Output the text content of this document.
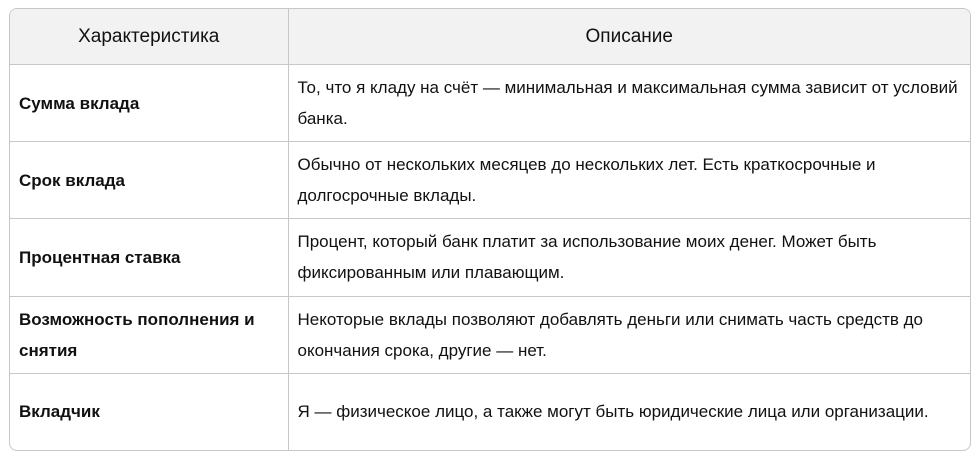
Характеристика	Описание
Сумма вклада	То, что я кладу на счёт — минимальная и максимальная сумма зависит от условий банка.
Срок вклада	Обычно от нескольких месяцев до нескольких лет. Есть краткосрочные и долгосрочные вклады.
Процентная ставка	Процент, который банк платит за использование моих денег. Может быть фиксированным или плавающим.
Возможность пополнения и снятия	Некоторые вклады позволяют добавлять деньги или снимать часть средств до окончания срока, другие — нет.
Вкладчик	Я — физическое лицо, а также могут быть юридические лица или организации.
